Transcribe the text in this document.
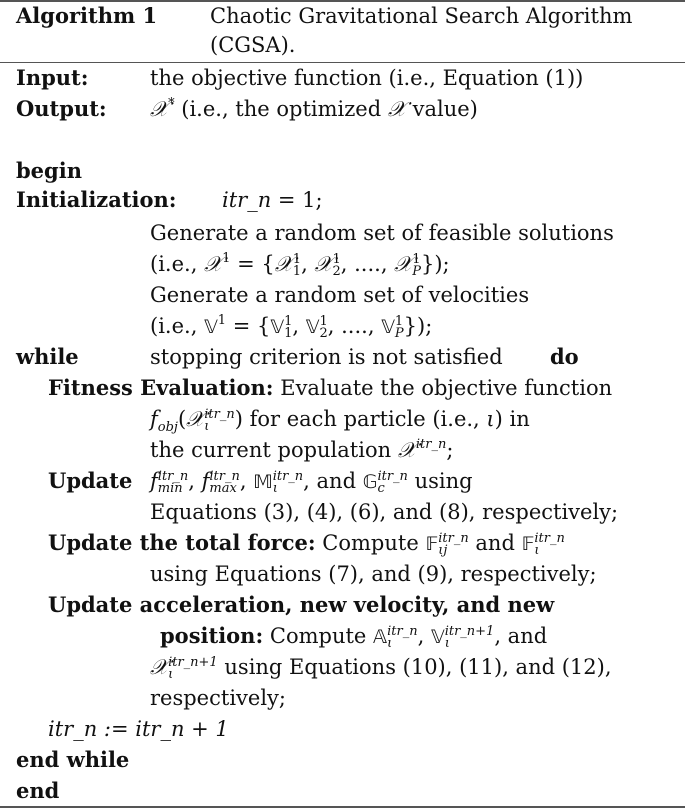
Algorithm 1	Chaotic Gravitational Search Algorithm
(CGSA).
Input:	the objective function (i.e., Equation (1))
Output: 𝒳* (i.e., the optimized 𝒳 value)
begin
Initialization: itr_n = 1;
Generate a random set of feasible solutions
(i.e., 𝒳$^1$ = {𝒳 1
1 , 𝒳 1
2 , ...., 𝒳 1
P });
Generate a random set of velocities
(i.e., 𝕍$^1$ = {𝕍 1
1 , 𝕍 1
2 , ...., 𝕍 1
P });
while	stopping criterion is not satisfied do
Fitness Evaluation: Evaluate the objective function
$f_{obj}(𝒳$ itr_n
ι	) for each particle (i.e., ι) in
the current population 𝒳$^{itr\_n}$;
Update f itr_n
min , f itr_n
max , 𝕄 itr_n
ι	, and 𝔾 itr_n
c	using
Equations (3), (4), (6), and (8), respectively;
Update the total force: Compute 𝔽 itr_n
ιj	and 𝔽 itr_n
ι
using Equations (7), and (9), respectively;
Update acceleration, new velocity, and new
position: Compute 𝔸 itr_n
ι	, 𝕍 itr_n+1
ι	, and
𝒳 itr_n+1
ι	using Equations (10), (11), and (12),
respectively;
itr_n := itr_n + 1
end while
end
